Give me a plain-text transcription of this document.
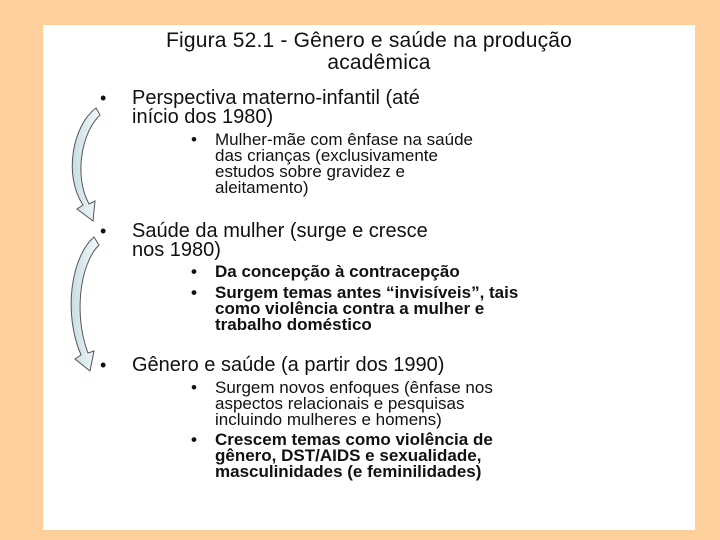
Figura 52.1 - Gênero e saúde na produção
acadêmica
• Perspectiva materno-infantil (até
início dos 1980)
• Mulher-mãe com ênfase na saúde
das crianças (exclusivamente
estudos sobre gravidez e
aleitamento)
• Saúde da mulher (surge e cresce
nos 1980)
• Da concepção à contracepção
• Surgem temas antes “invisíveis”, tais
como violência contra a mulher e
trabalho doméstico
• Gênero e saúde (a partir dos 1990)
• Surgem novos enfoques (ênfase nos
aspectos relacionais e pesquisas
incluindo mulheres e homens)
• Crescem temas como violência de
gênero, DST/AIDS e sexualidade,
masculinidades (e feminilidades)
